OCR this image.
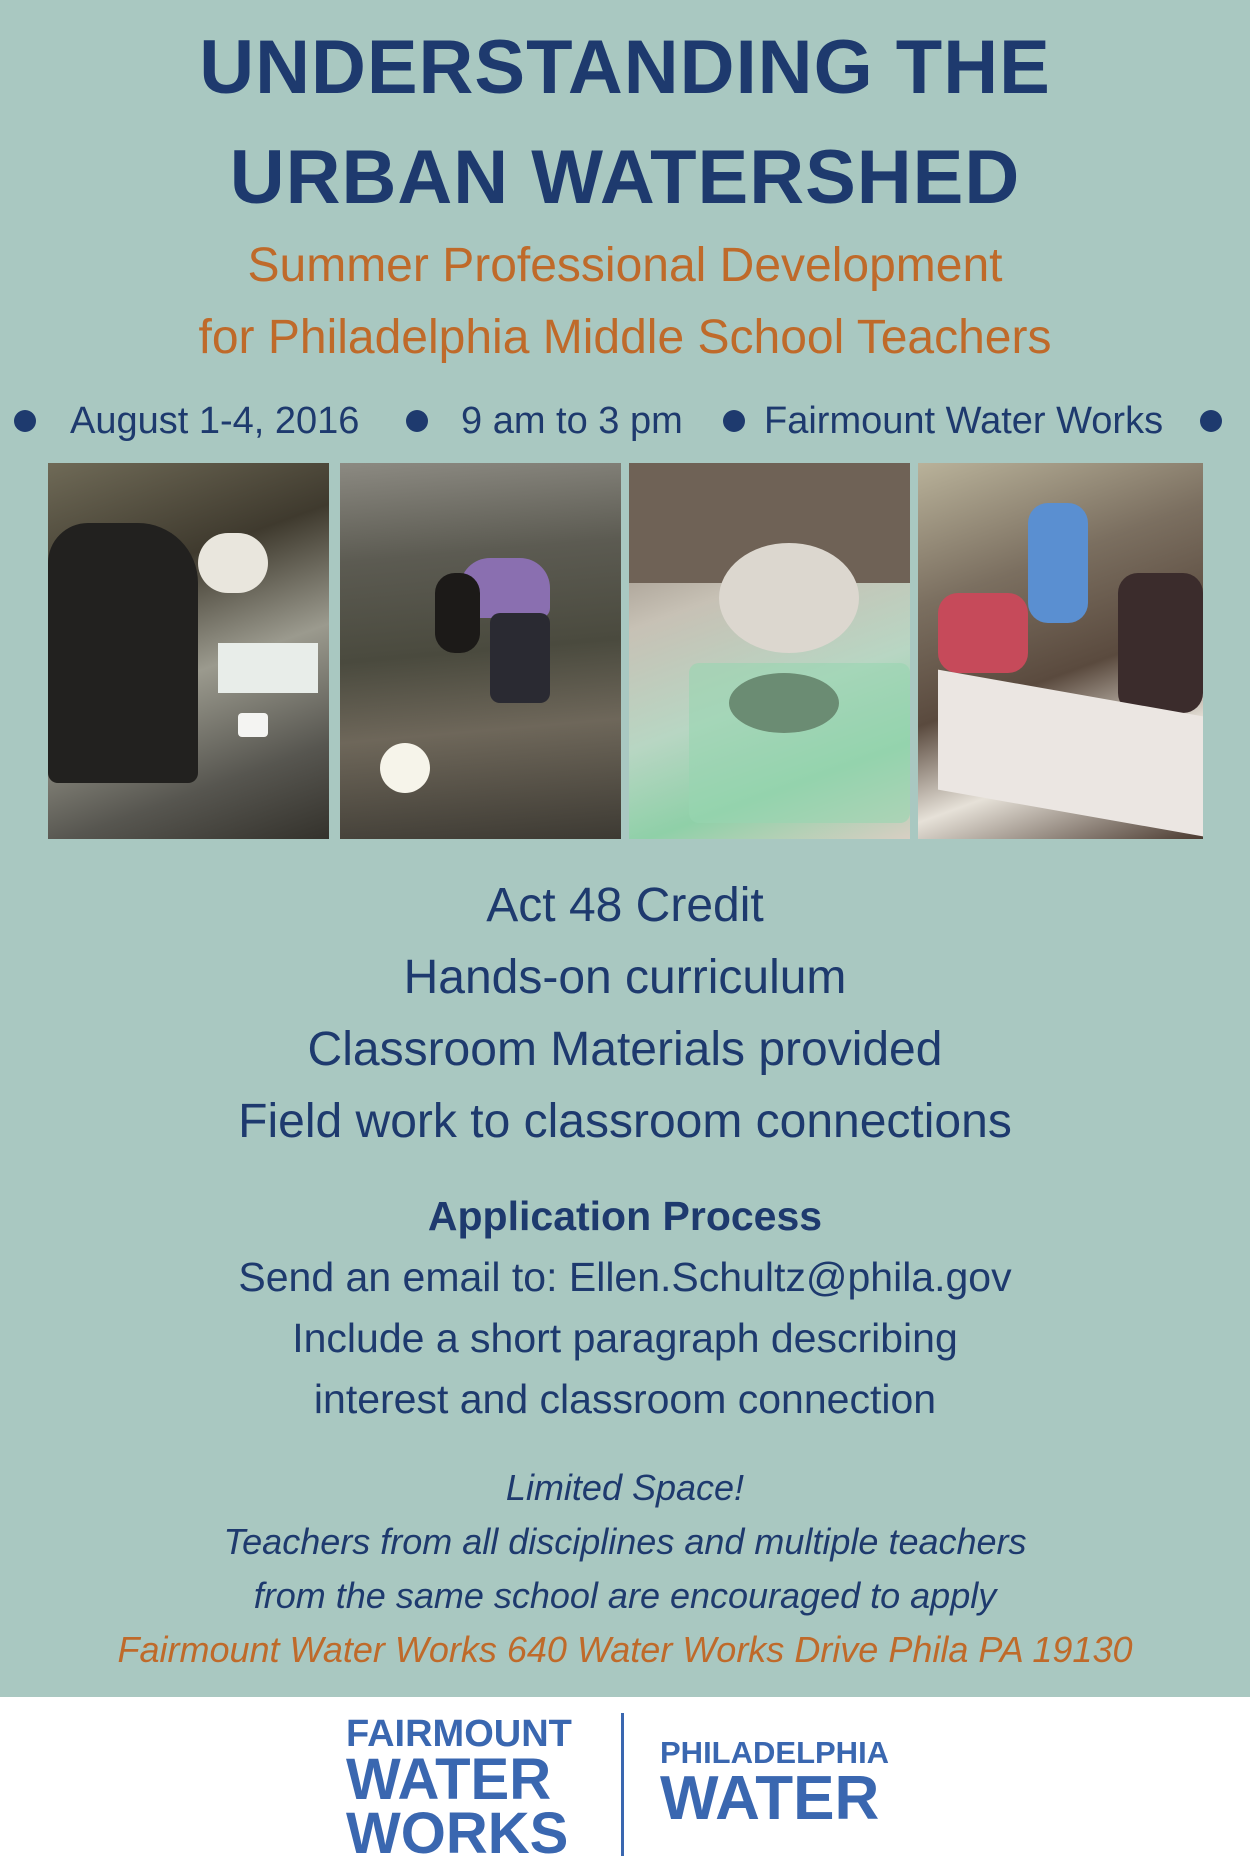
UNDERSTANDING THE
URBAN WATERSHED
Summer Professional Development
for Philadelphia Middle School Teachers
August 1-4, 2016	9 am to 3 pm Fairmount Water Works
Act 48 Credit
Hands-on curriculum
Classroom Materials provided
Field work to classroom connections
Application Process
Send an email to: Ellen.Schultz@phila.gov
Include a short paragraph describing
interest and classroom connection
Limited Space!
Teachers from all disciplines and multiple teachers
from the same school are encouraged to apply
Fairmount Water Works 640 Water Works Drive Phila PA 19130
FAIRMOUNT
WATER
WORKS
PHILADELPHIA
WATER
